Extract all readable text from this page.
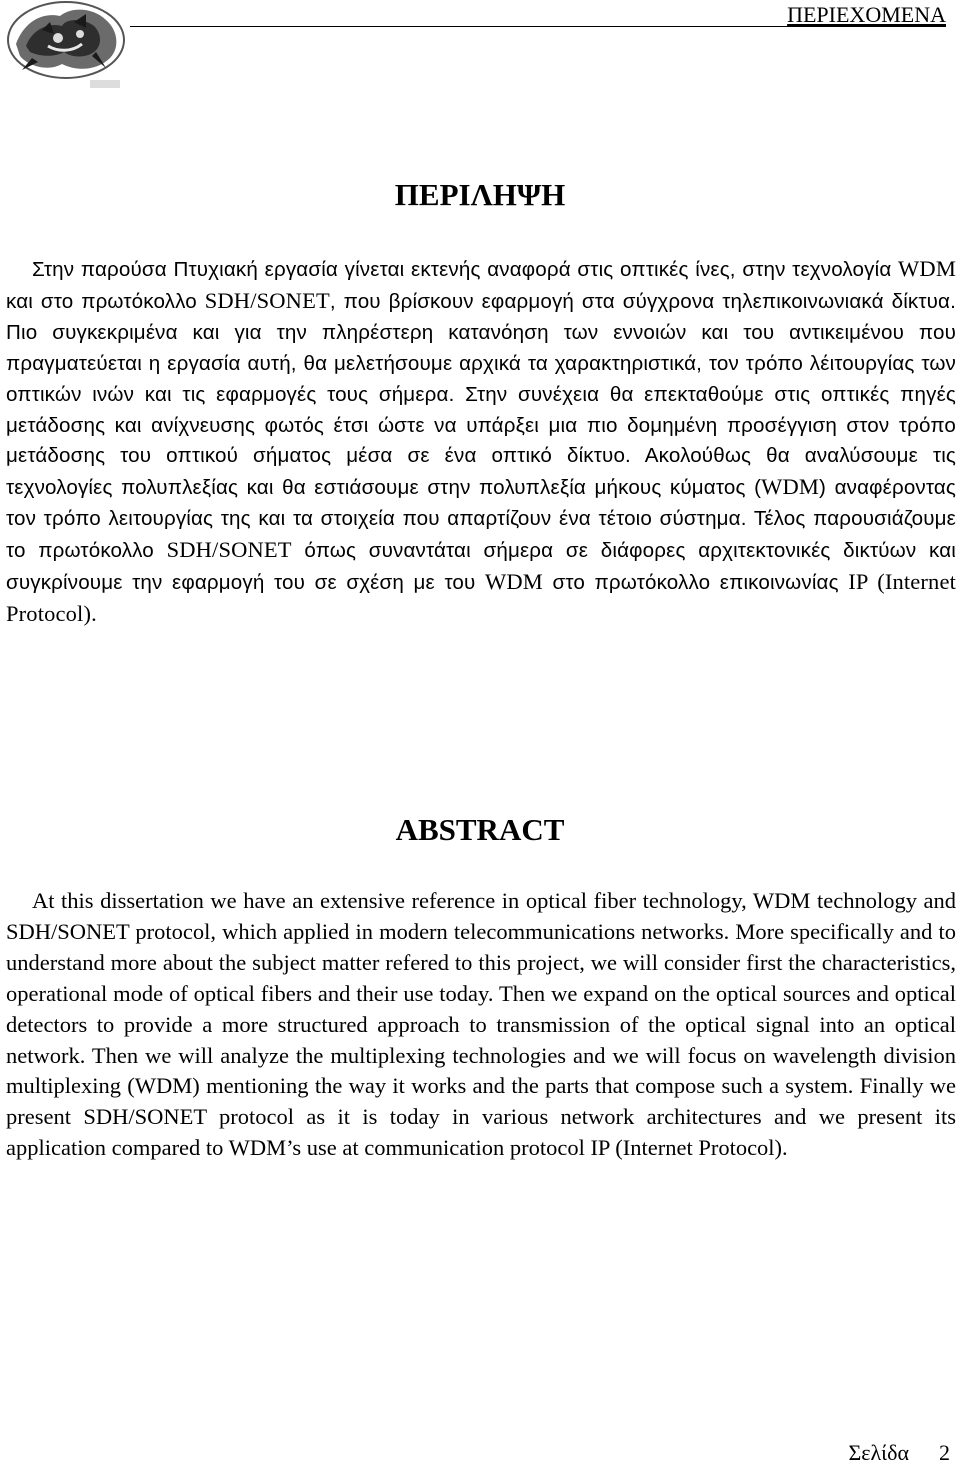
ΠΕΡΙΕΧΟΜΕΝΑ
ΠΕΡΙΛΗΨΗ

Στην παρούσα Πτυχιακή εργασία γίνεται εκτενής αναφορά στις οπτικές ίνες, στην τεχνολογία WDM και στο πρωτόκολλο SDH/SONET, που βρίσκουν εφαρμογή στα σύγχρονα τηλεπικοινωνιακά δίκτυα. Πιο συγκεκριμένα και για την πληρέστερη κατανόηση των εννοιών και του αντικειμένου που πραγματεύεται η εργασία αυτή, θα μελετήσουμε αρχικά τα χαρακτηριστικά, τον τρόπο λέιτουργίας των οπτικών ινών και τις εφαρμογές τους σήμερα. Στην συνέχεια θα επεκταθούμε στις οπτικές πηγές μετάδοσης και ανίχνευσης φωτός έτσι ώστε να υπάρξει μια πιο δομημένη προσέγγιση στον τρόπο μετάδοσης του οπτικού σήματος μέσα σε ένα οπτικό δίκτυο. Ακολούθως θα αναλύσουμε τις τεχνολογίες πολυπλεξίας και θα εστιάσουμε στην πολυπλεξία μήκους κύματος (WDM) αναφέροντας τον τρόπο λειτουργίας της και τα στοιχεία που απαρτίζουν ένα τέτοιο σύστημα. Τέλος παρουσιάζουμε το πρωτόκολλο SDH/SONET όπως συναντάται σήμερα σε διάφορες αρχιτεκτονικές δικτύων και συγκρίνουμε την εφαρμογή του σε σχέση με του WDM στο πρωτόκολλο επικοινωνίας IP (Internet Protocol).

ABSTRACT

At this dissertation we have an extensive reference in optical fiber technology, WDM technology and SDH/SONET protocol, which applied in modern telecommunications networks. More specifically and to understand more about the subject matter refered to this project, we will consider first the characteristics, operational mode of optical fibers and their use today. Then we expand on the optical sources and optical detectors to provide a more structured approach to transmission of the optical signal into an optical network. Then we will analyze the multiplexing technologies and we will focus on wavelength division multiplexing (WDM) mentioning the way it works and the parts that compose such a system. Finally we present SDH/SONET protocol as it is today in various network architectures and we present its application compared to WDM’s use at communication protocol IP (Internet Protocol).

Σελίδα 2
